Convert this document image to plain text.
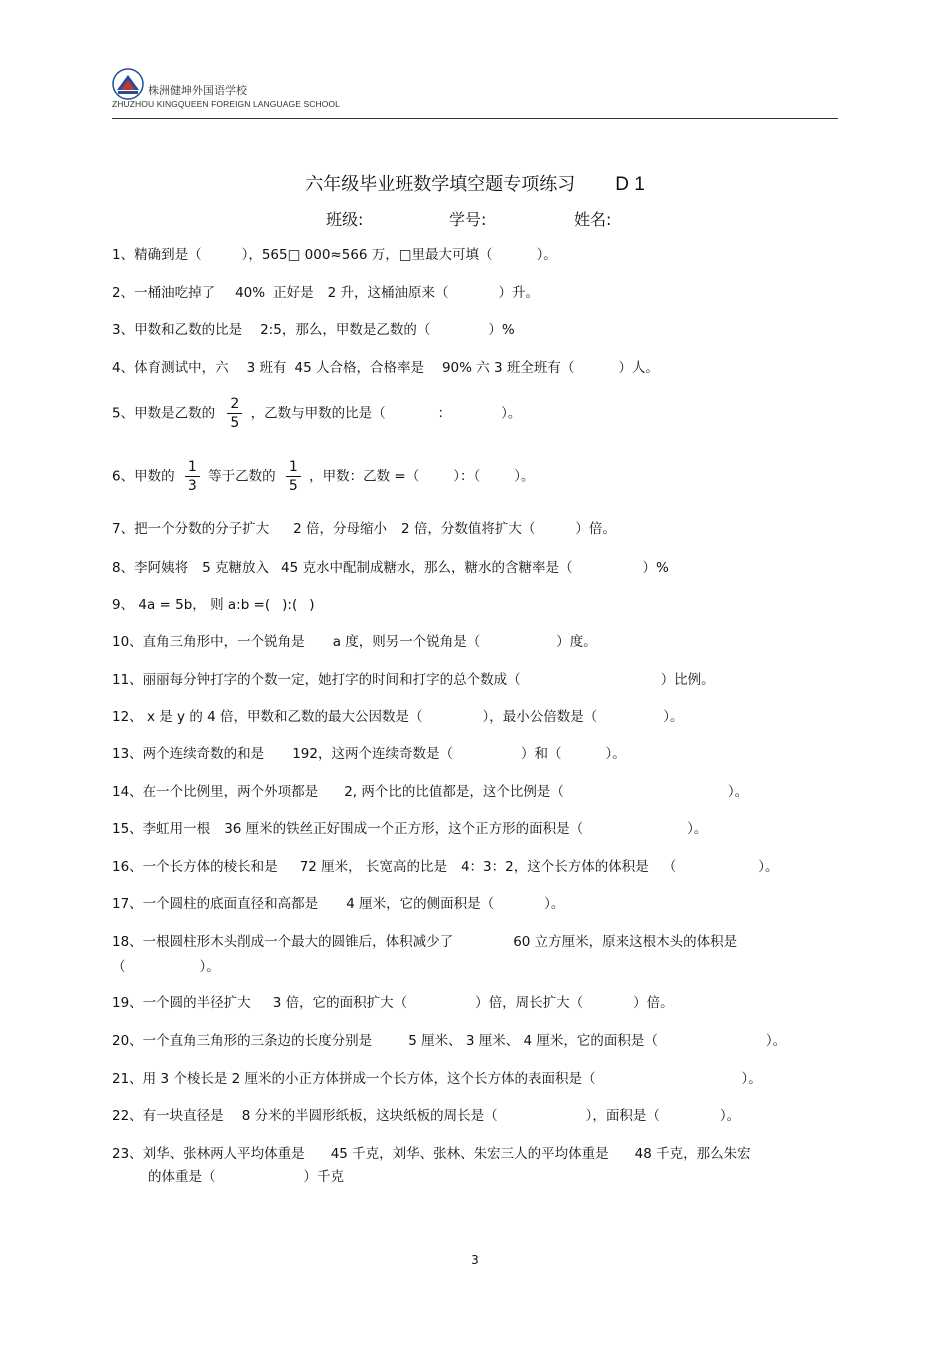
株洲健坤外国语学校
ZHUZHOU KINGQUEEN FOREIGN LANGUAGE SCHOOL
六年级毕业班数学填空题专项练习 D 1
班级:	学号:	姓名:
1、精确到是（	），565□ 000≈566 万，□里最大可填（	）。
2、一桶油吃掉了 40% 正好是 2 升，这桶油原来（	）升。
3、甲数和乙数的比是 2:5，那么，甲数是乙数的（	）%
4、体育测试中，六 3 班有 45 人合格，合格率是 90% 六 3 班全班有（	）人。
5、甲数是乙数的 $\frac{2}{5}$ ，乙数与甲数的比是（	：	）。
6、甲数的 $\frac{1}{3}$ 等于乙数的 $\frac{1}{5}$ ，甲数：乙数 =（	）：（	）。
7、把一个分数的分子扩大 2 倍，分母缩小 2 倍，分数值将扩大（	）倍。
8、李阿姨将 5 克糖放入 45 克水中配制成糖水，那么，糖水的含糖率是（	）%
9、 4a = 5b， 则 a:b =( ):( )
10、直角三角形中，一个锐角是 a 度，则另一个锐角是（	）度。
11、丽丽每分钟打字的个数一定，她打字的时间和打字的总个数成（	）比例。
12、 x 是 y 的 4 倍，甲数和乙数的最大公因数是（	），最小公倍数是（	）。
13、两个连续奇数的和是 192，这两个连续奇数是（	）和（	）。
14、在一个比例里，两个外项都是 2, 两个比的比值都是，这个比例是（	）。
15、李虹用一根 36 厘米的铁丝正好围成一个正方形，这个正方形的面积是（	）。
16、一个长方体的棱长和是 72 厘米， 长宽高的比是 4：3：2，这个长方体的体积是 （	）。
17、一个圆柱的底面直径和高都是 4 厘米，它的侧面积是（	）。
18、一根圆柱形木头削成一个最大的圆锥后，体积减少了	60 立方厘米，原来这根木头的体积是
（	）。
19、一个圆的半径扩大 3 倍，它的面积扩大（	）倍，周长扩大（	）倍。
20、一个直角三角形的三条边的长度分别是	5 厘米、 3 厘米、 4 厘米，它的面积是（	）。
21、用 3 个棱长是 2 厘米的小正方体拼成一个长方体，这个长方体的表面积是（	）。
22、有一块直径是 8 分米的半圆形纸板，这块纸板的周长是（	），面积是（	）。
23、刘华、张林两人平均体重是 45 千克，刘华、张林、朱宏三人的平均体重是 48 千克，那么朱宏
的体重是（	）千克
3
